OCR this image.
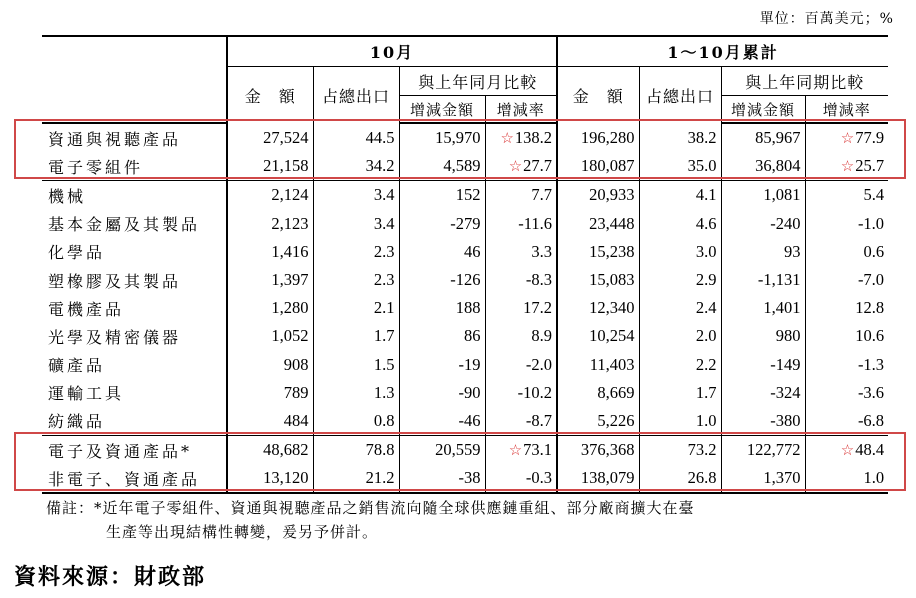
單位：百萬美元；%
	10月				1～10月累計			
	金　額	占總出口	與上年同月比較		金　額	占總出口	與上年同期比較	
			增減金額	增減率			增減金額	增減率
資通與視聽產品	27,524	44.5	15,970	☆138.2	196,280	38.2	85,967	☆77.9
電子零組件	21,158	34.2	4,589	☆27.7	180,087	35.0	36,804	☆25.7
機械	2,124	3.4	152	7.7	20,933	4.1	1,081	5.4
基本金屬及其製品	2,123	3.4	-279	-11.6	23,448	4.6	-240	-1.0
化學品	1,416	2.3	46	3.3	15,238	3.0	93	0.6
塑橡膠及其製品	1,397	2.3	-126	-8.3	15,083	2.9	-1,131	-7.0
電機產品	1,280	2.1	188	17.2	12,340	2.4	1,401	12.8
光學及精密儀器	1,052	1.7	86	8.9	10,254	2.0	980	10.6
礦產品	908	1.5	-19	-2.0	11,403	2.2	-149	-1.3
運輸工具	789	1.3	-90	-10.2	8,669	1.7	-324	-3.6
紡織品	484	0.8	-46	-8.7	5,226	1.0	-380	-6.8
電子及資通產品*	48,682	78.8	20,559	☆73.1	376,368	73.2	122,772	☆48.4
非電子、資通產品	13,120	21.2	-38	-0.3	138,079	26.8	1,370	1.0
備註：*近年電子零組件、資通與視聽產品之銷售流向隨全球供應鏈重組、部分廠商擴大在臺
生產等出現結構性轉變，爰另予併計。
資料來源：財政部
